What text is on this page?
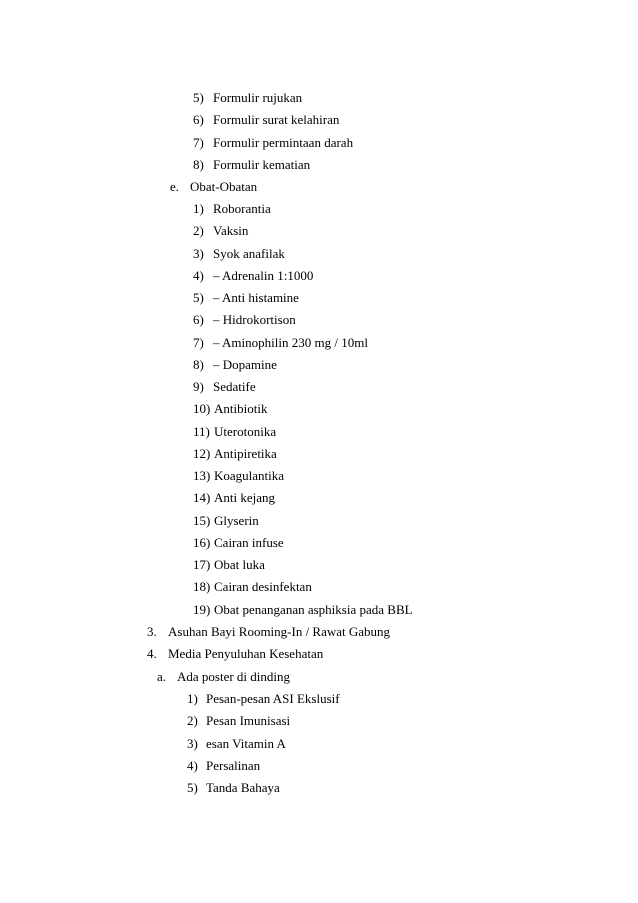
5) Formulir rujukan
6) Formulir surat kelahiran
7) Formulir permintaan darah
8) Formulir kematian
e. Obat-Obatan
1) Roborantia
2) Vaksin
3) Syok anafilak
4) – Adrenalin 1:1000
5) – Anti histamine
6) – Hidrokortison
7) – Aminophilin 230 mg / 10ml
8) – Dopamine
9) Sedatife
10) Antibiotik
11) Uterotonika
12) Antipiretika
13) Koagulantika
14) Anti kejang
15) Glyserin
16) Cairan infuse
17) Obat luka
18) Cairan desinfektan
19) Obat penanganan asphiksia pada BBL
3. Asuhan Bayi Rooming-In / Rawat Gabung
4. Media Penyuluhan Kesehatan
a. Ada poster di dinding
1) Pesan-pesan ASI Ekslusif
2) Pesan Imunisasi
3) esan Vitamin A
4) Persalinan
5) Tanda Bahaya
